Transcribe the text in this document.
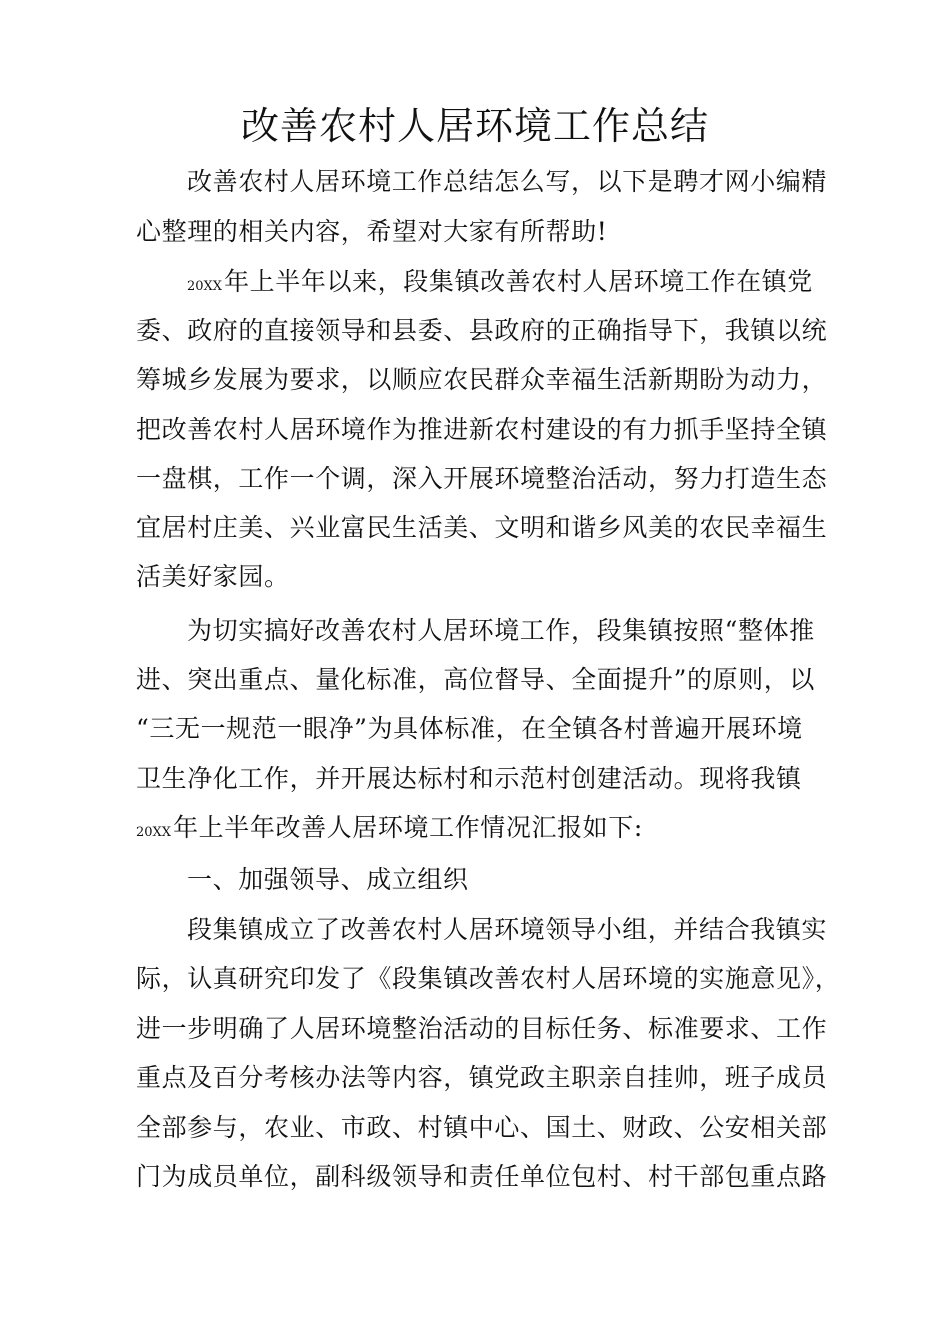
改善农村人居环境工作总结
改善农村人居环境工作总结怎么写，以下是聘才网小编精
心整理的相关内容，希望对大家有所帮助!
20XX年上半年以来，段集镇改善农村人居环境工作在镇党
委、政府的直接领导和县委、县政府的正确指导下，我镇以统
筹城乡发展为要求，以顺应农民群众幸福生活新期盼为动力，
把改善农村人居环境作为推进新农村建设的有力抓手坚持全镇
一盘棋，工作一个调，深入开展环境整治活动，努力打造生态
宜居村庄美、兴业富民生活美、文明和谐乡风美的农民幸福生
活美好家园。
为切实搞好改善农村人居环境工作，段集镇按照“整体推
进、突出重点、量化标准，高位督导、全面提升”的原则，以
“三无一规范一眼净”为具体标准，在全镇各村普遍开展环境
卫生净化工作，并开展达标村和示范村创建活动。现将我镇
20XX年上半年改善人居环境工作情况汇报如下:
一、加强领导、成立组织
段集镇成立了改善农村人居环境领导小组，并结合我镇实
际，认真研究印发了《段集镇改善农村人居环境的实施意见》，
进一步明确了人居环境整治活动的目标任务、标准要求、工作
重点及百分考核办法等内容，镇党政主职亲自挂帅，班子成员
全部参与，农业、市政、村镇中心、国土、财政、公安相关部
门为成员单位，副科级领导和责任单位包村、村干部包重点路
